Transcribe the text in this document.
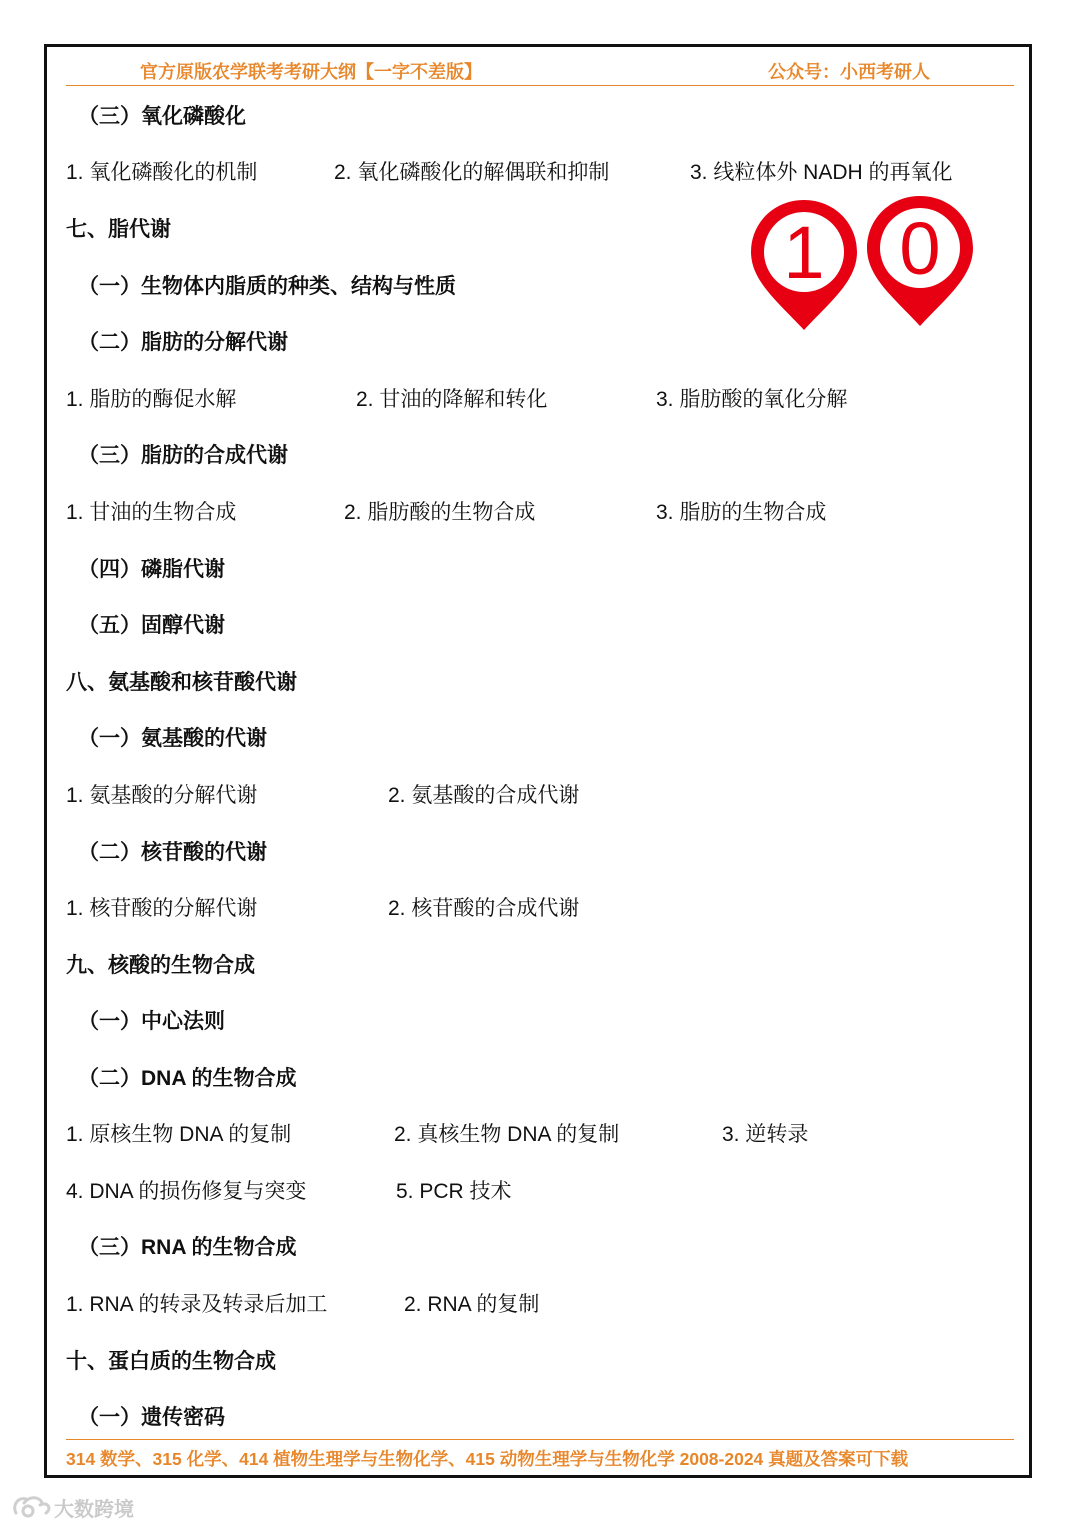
官方原版农学联考考研大纲【一字不差版】	公众号：小西考研人
（三）氧化磷酸化
1. 氧化磷酸化的机制	2. 氧化磷酸化的解偶联和抑制	3. 线粒体外 NADH 的再氧化
七、脂代谢
（一）生物体内脂质的种类、结构与性质
（二）脂肪的分解代谢
1. 脂肪的酶促水解	2. 甘油的降解和转化	3. 脂肪酸的氧化分解
（三）脂肪的合成代谢
1. 甘油的生物合成	2. 脂肪酸的生物合成	3. 脂肪的生物合成
（四）磷脂代谢
（五）固醇代谢
八、氨基酸和核苷酸代谢
（一）氨基酸的代谢
1. 氨基酸的分解代谢	2. 氨基酸的合成代谢
（二）核苷酸的代谢
1. 核苷酸的分解代谢	2. 核苷酸的合成代谢
九、核酸的生物合成
（一）中心法则
（二）DNA 的生物合成
1. 原核生物 DNA 的复制	2. 真核生物 DNA 的复制	3. 逆转录
4. DNA 的损伤修复与突变	5. PCR 技术
（三）RNA 的生物合成
1. RNA 的转录及转录后加工	2. RNA 的复制
十、蛋白质的生物合成
（一）遗传密码
1 0
314 数学、315 化学、414 植物生理学与生物化学、415 动物生理学与生物化学 2008-2024 真题及答案可下载
大数跨境
